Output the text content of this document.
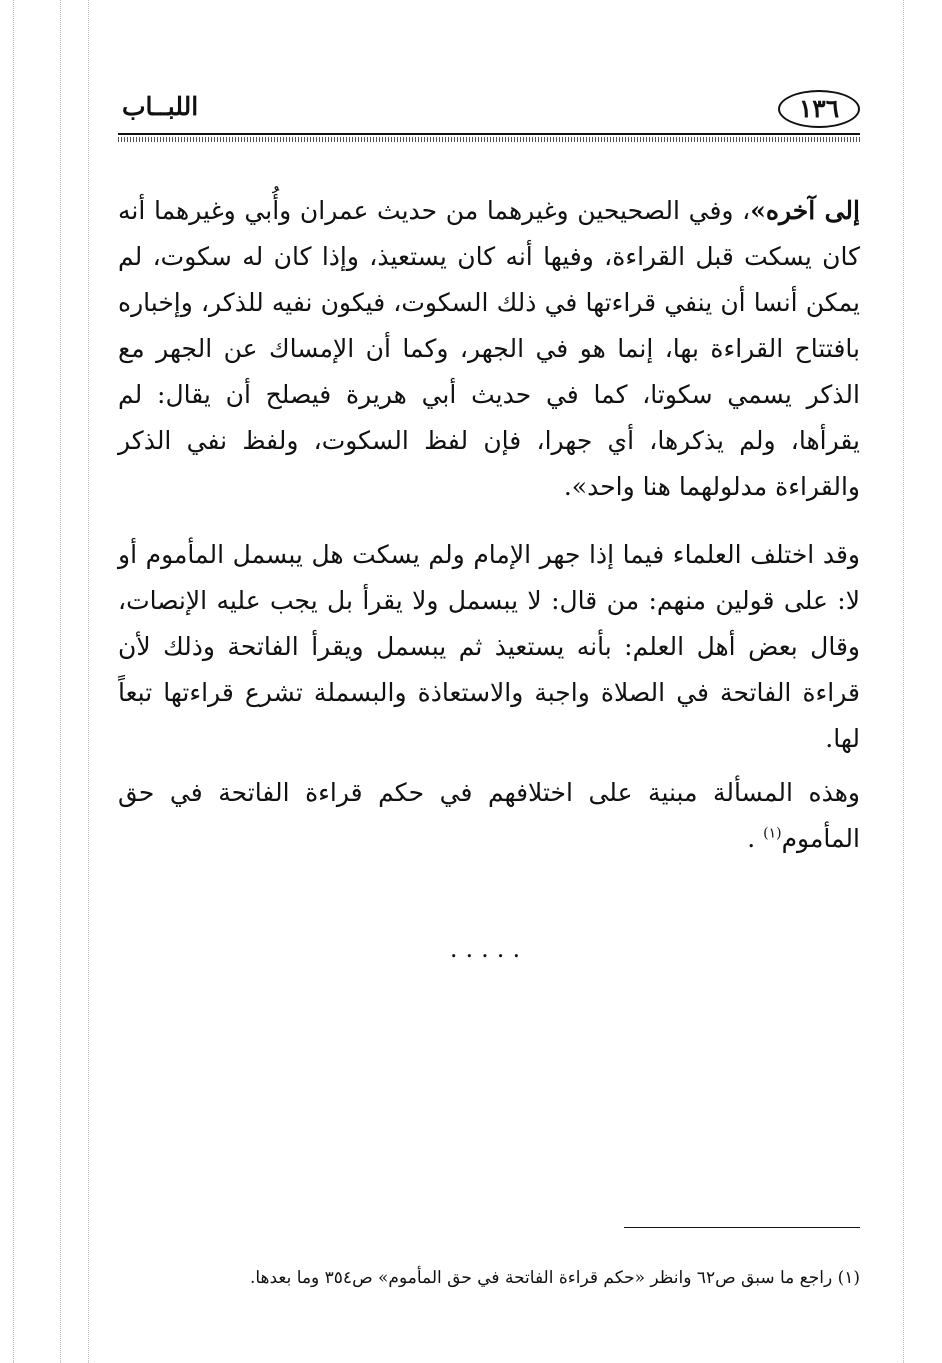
١٣٦
اللبــاب

إلى آخره»، وفي الصحيحين وغيرهما من حديث عمران وأُبي وغيرهما أنه كان يسكت قبل القراءة، وفيها أنه كان يستعيذ، وإذا كان له سكوت، لم يمكن أنسا أن ينفي قراءتها في ذلك السكوت، فيكون نفيه للذكر، وإخباره بافتتاح القراءة بها، إنما هو في الجهر، وكما أن الإمساك عن الجهر مع الذكر يسمي سكوتا، كما في حديث أبي هريرة فيصلح أن يقال: لم يقرأها، ولم يذكرها، أي جهرا، فإن لفظ السكوت، ولفظ نفي الذكر والقراءة مدلولهما هنا واحد».

وقد اختلف العلماء فيما إذا جهر الإمام ولم يسكت هل يبسمل المأموم أو لا: على قولين منهم: من قال: لا يبسمل ولا يقرأ بل يجب عليه الإنصات، وقال بعض أهل العلم: بأنه يستعيذ ثم يبسمل ويقرأ الفاتحة وذلك لأن قراءة الفاتحة في الصلاة واجبة والاستعاذة والبسملة تشرع قراءتها تبعاً لها.

وهذه المسألة مبنية على اختلافهم في حكم قراءة الفاتحة في حق المأموم$^{(١)}$ .

.....
(١) راجع ما سبق ص٦٢ وانظر «حكم قراءة الفاتحة في حق المأموم» ص٣٥٤ وما بعدها.
